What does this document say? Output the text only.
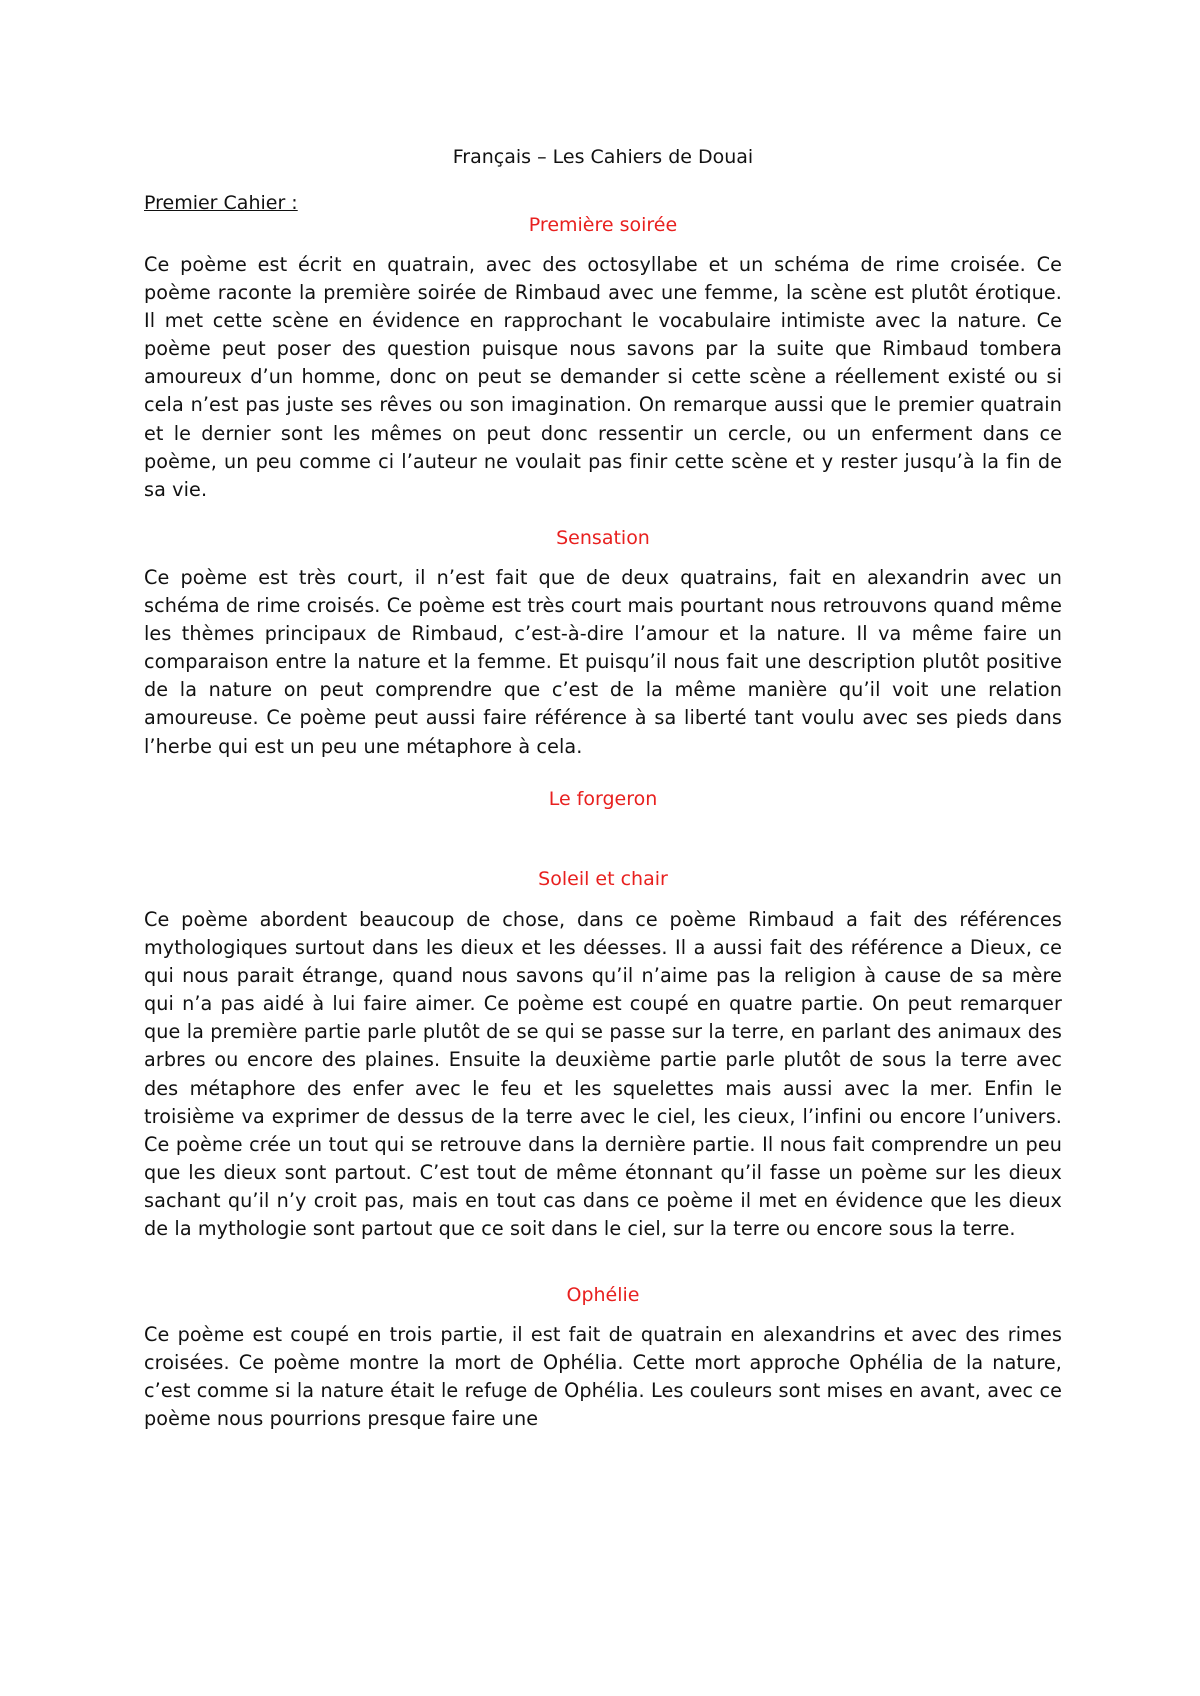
Français – Les Cahiers de Douai

Premier Cahier :

Première soirée

Ce poème est écrit en quatrain, avec des octosyllabe et un schéma de rime croisée. Ce poème raconte la première soirée de Rimbaud avec une femme, la scène est plutôt érotique. Il met cette scène en évidence en rapprochant le vocabulaire intimiste avec la nature. Ce poème peut poser des question puisque nous savons par la suite que Rimbaud tombera amoureux d’un homme, donc on peut se demander si cette scène a réellement existé ou si cela n’est pas juste ses rêves ou son imagination. On remarque aussi que le premier quatrain et le dernier sont les mêmes on peut donc ressentir un cercle, ou un enferment dans ce poème, un peu comme ci l’auteur ne voulait pas finir cette scène et y rester jusqu’à la fin de sa vie.

Sensation

Ce poème est très court, il n’est fait que de deux quatrains, fait en alexandrin avec un schéma de rime croisés. Ce poème est très court mais pourtant nous retrouvons quand même les thèmes principaux de Rimbaud, c’est-à-dire l’amour et la nature. Il va même faire un comparaison entre la nature et la femme. Et puisqu’il nous fait une description plutôt positive de la nature on peut comprendre que c’est de la même manière qu’il voit une relation amoureuse. Ce poème peut aussi faire référence à sa liberté tant voulu avec ses pieds dans l’herbe qui est un peu une métaphore à cela.

Le forgeron

Soleil et chair

Ce poème abordent beaucoup de chose, dans ce poème Rimbaud a fait des références mythologiques surtout dans les dieux et les déesses. Il a aussi fait des référence a Dieux, ce qui nous parait étrange, quand nous savons qu’il n’aime pas la religion à cause de sa mère qui n’a pas aidé à lui faire aimer. Ce poème est coupé en quatre partie. On peut remarquer que la première partie parle plutôt de se qui se passe sur la terre, en parlant des animaux des arbres ou encore des plaines. Ensuite la deuxième partie parle plutôt de sous la terre avec des métaphore des enfer avec le feu et les squelettes mais aussi avec la mer. Enfin le troisième va exprimer de dessus de la terre avec le ciel, les cieux, l’infini ou encore l’univers. Ce poème crée un tout qui se retrouve dans la dernière partie. Il nous fait comprendre un peu que les dieux sont partout. C’est tout de même étonnant qu’il fasse un poème sur les dieux sachant qu’il n’y croit pas, mais en tout cas dans ce poème il met en évidence que les dieux de la mythologie sont partout que ce soit dans le ciel, sur la terre ou encore sous la terre.

Ophélie

Ce poème est coupé en trois partie, il est fait de quatrain en alexandrins et avec des rimes croisées. Ce poème montre la mort de Ophélia. Cette mort approche Ophélia de la nature, c’est comme si la nature était le refuge de Ophélia. Les couleurs sont mises en avant, avec ce poème nous pourrions presque faire une
